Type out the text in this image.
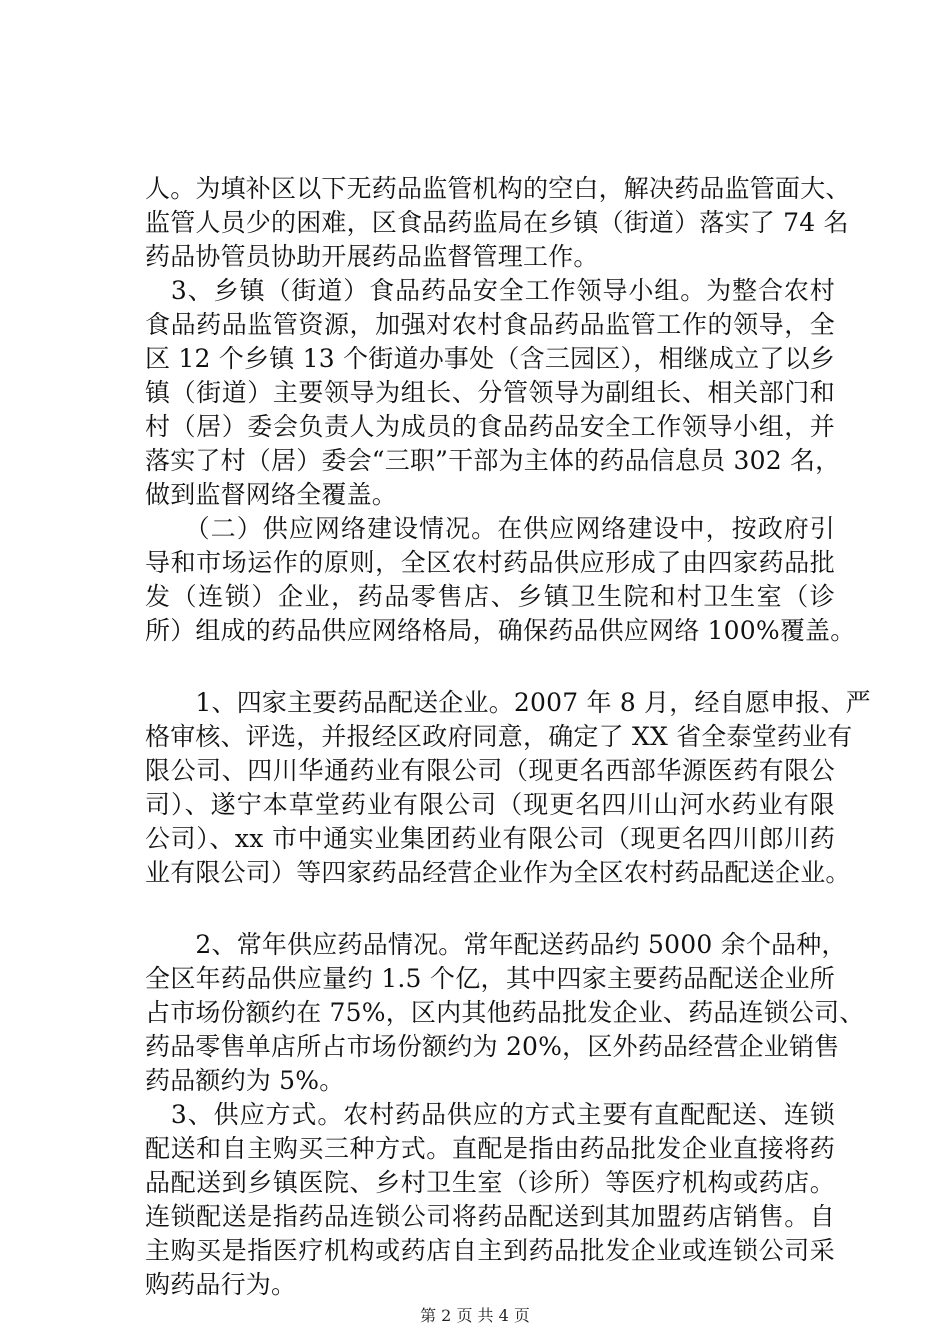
人。为填补区以下无药品监管机构的空白，解决药品监管面大、
监管人员少的困难，区食品药监局在乡镇（街道）落实了 74 名
药品协管员协助开展药品监督管理工作。
　3、乡镇（街道）食品药品安全工作领导小组。为整合农村
食品药品监管资源，加强对农村食品药品监管工作的领导，全
区 12 个乡镇 13 个街道办事处（含三园区），相继成立了以乡
镇（街道）主要领导为组长、分管领导为副组长、相关部门和
村（居）委会负责人为成员的食品药品安全工作领导小组，并
落实了村（居）委会“三职”干部为主体的药品信息员 302 名，
做到监督网络全覆盖。
　　（二）供应网络建设情况。在供应网络建设中，按政府引
导和市场运作的原则，全区农村药品供应形成了由四家药品批
发（连锁）企业，药品零售店、乡镇卫生院和村卫生室（诊
所）组成的药品供应网络格局，确保药品供应网络 100%覆盖。
　　1、四家主要药品配送企业。2007 年 8 月，经自愿申报、严
格审核、评选，并报经区政府同意，确定了 XX 省全泰堂药业有
限公司、四川华通药业有限公司（现更名西部华源医药有限公
司）、遂宁本草堂药业有限公司（现更名四川山河水药业有限
公司）、xx 市中通实业集团药业有限公司（现更名四川郎川药
业有限公司）等四家药品经营企业作为全区农村药品配送企业。
　　2、常年供应药品情况。常年配送药品约 5000 余个品种，
全区年药品供应量约 1.5 个亿，其中四家主要药品配送企业所
占市场份额约在 75%，区内其他药品批发企业、药品连锁公司、
药品零售单店所占市场份额约为 20%，区外药品经营企业销售
药品额约为 5%。
　3、供应方式。农村药品供应的方式主要有直配配送、连锁
配送和自主购买三种方式。直配是指由药品批发企业直接将药
品配送到乡镇医院、乡村卫生室（诊所）等医疗机构或药店。
连锁配送是指药品连锁公司将药品配送到其加盟药店销售。自
主购买是指医疗机构或药店自主到药品批发企业或连锁公司采
购药品行为。
第 2 页 共 4 页
